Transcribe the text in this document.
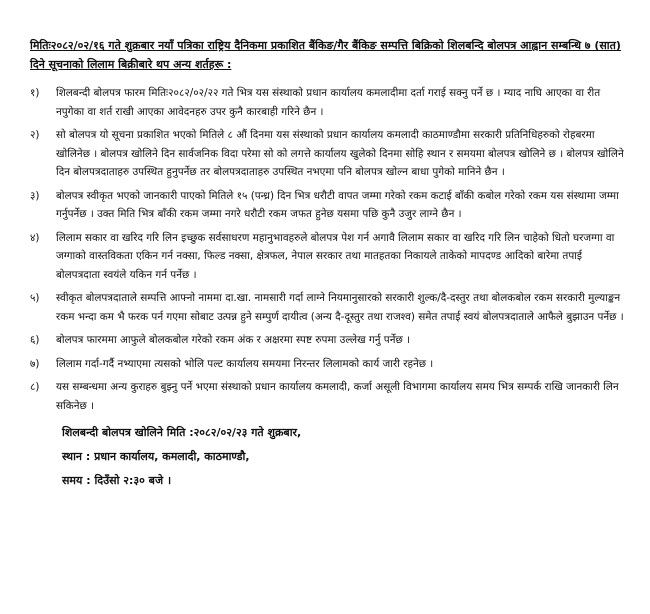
मितिः२०८२/०२/१६ गते शुक्रबार नयाँ पत्रिका राष्ट्रिय दैनिकमा प्रकाशित बैंकिङ/गैर बैंकिङ सम्पत्ति बिक्रिको शिलबन्दि बोलपत्र आह्वान सम्बन्धि ७ (सात) दिने सूचनाको लिलाम बिक्रीबारे थप अन्य शर्तहरू :
१)	शिलबन्दी बोलपत्र फारम मितिः२०८२/०२/२२ गते भित्र यस संस्थाको प्रधान कार्यालय कमलादीमा दर्ता गराई सक्नु पर्ने छ । म्याद नाघि आएका वा रीत नपुगेका वा शर्त राखी आएका आवेदनहरु उपर कुनै कारबाही गरिने छैन ।
२)	सो बोलपत्र यो सूचना प्रकाशित भएको मितिले ८ औं दिनमा यस संस्थाको प्रधान कार्यालय कमलादी काठमाण्डौमा सरकारी प्रतिनिधिहरुको रोहबरमा खोलिनेछ । बोलपत्र खोलिने दिन सार्वजनिक विदा परेमा सो को लगत्ते कार्यालय खुलेको दिनमा सोहि स्थान र समयमा बोलपत्र खोलिने छ । बोलपत्र खोलिने दिन बोलपत्रदाताहरु उपस्थित हुनुपर्नेछ तर बोलपत्रदाताहरु उपस्थित नभएमा पनि बोलपत्र खोल्न बाधा पुगेको मानिने छैन ।
३)	बोलपत्र स्वीकृत भएको जानकारी पाएको मितिले १५ (पन्ध्र) दिन भित्र धरौटी वापत जम्मा गरेको रकम कटाई बाँकी कबोल गरेको रकम यस संस्थामा जम्मा गर्नुपर्नेछ । उक्त मिति भित्र बाँकी रकम जम्मा नगरे धरौटी रकम जफत हुनेछ यसमा पछि कुनै उजुर लाग्ने छैन ।
४)	लिलाम सकार वा खरिद गरि लिन इच्छुक सर्वसाधरण महानुभावहरुले बोलपत्र पेश गर्न अगावै लिलाम सकार वा खरिद गरि लिन चाहेको धितो घरजग्गा वा जग्गाको वास्तविकता एकिन गर्न नक्सा, फिल्ड नक्सा, क्षेत्रफल, नेपाल सरकार तथा मातहतका निकायले ताकेको मापदण्ड आदिको बारेमा तपाई बोलपत्रदाता स्वयंले यकिन गर्न पर्नेछ ।
५)	स्वीकृत बोलपत्रदाताले सम्पत्ति आफ्नो नाममा दा.खा. नामसारी गर्दा लाग्ने नियमानुसारको सरकारी शुल्क/दै-दस्तुर तथा बोलकबोल रकम सरकारी मुल्याङ्कन रकम भन्दा कम भै फरक पर्न गएमा सोबाट उत्पन्न हुने सम्पुर्ण दायीत्व (अन्य दै-दूस्तुर तथा राजश्व) समेत तपाई स्वयं बोलपत्रदाताले आफैले बुझाउन पर्नेछ ।
६)	बोलपत्र फारममा आफुले बोलकबोल गरेको रकम अंक र अक्षरमा स्पष्ट रुपमा उल्लेख गर्नु पर्नेछ ।
७)	लिलाम गर्दा-गर्दै नभ्याएमा त्यसको भोलि पल्ट कार्यालय समयमा निरन्तर लिलामको कार्य जारी रहनेछ ।
८)	यस सम्बन्धमा अन्य कुराहरु बुझ्नु पर्ने भएमा संस्थाको प्रधान कार्यालय कमलादी, कर्जा असूली विभागमा कार्यालय समय भित्र सम्पर्क राखि जानकारी लिन सकिनेछ ।
शिलबन्दी बोलपत्र खोलिने मिति :२०८२/०२/२३ गते शुक्रबार,
स्थान : प्रधान कार्यालय, कमलादी, काठमाण्डौ,
समय : दिउँसो २:३० बजे ।
